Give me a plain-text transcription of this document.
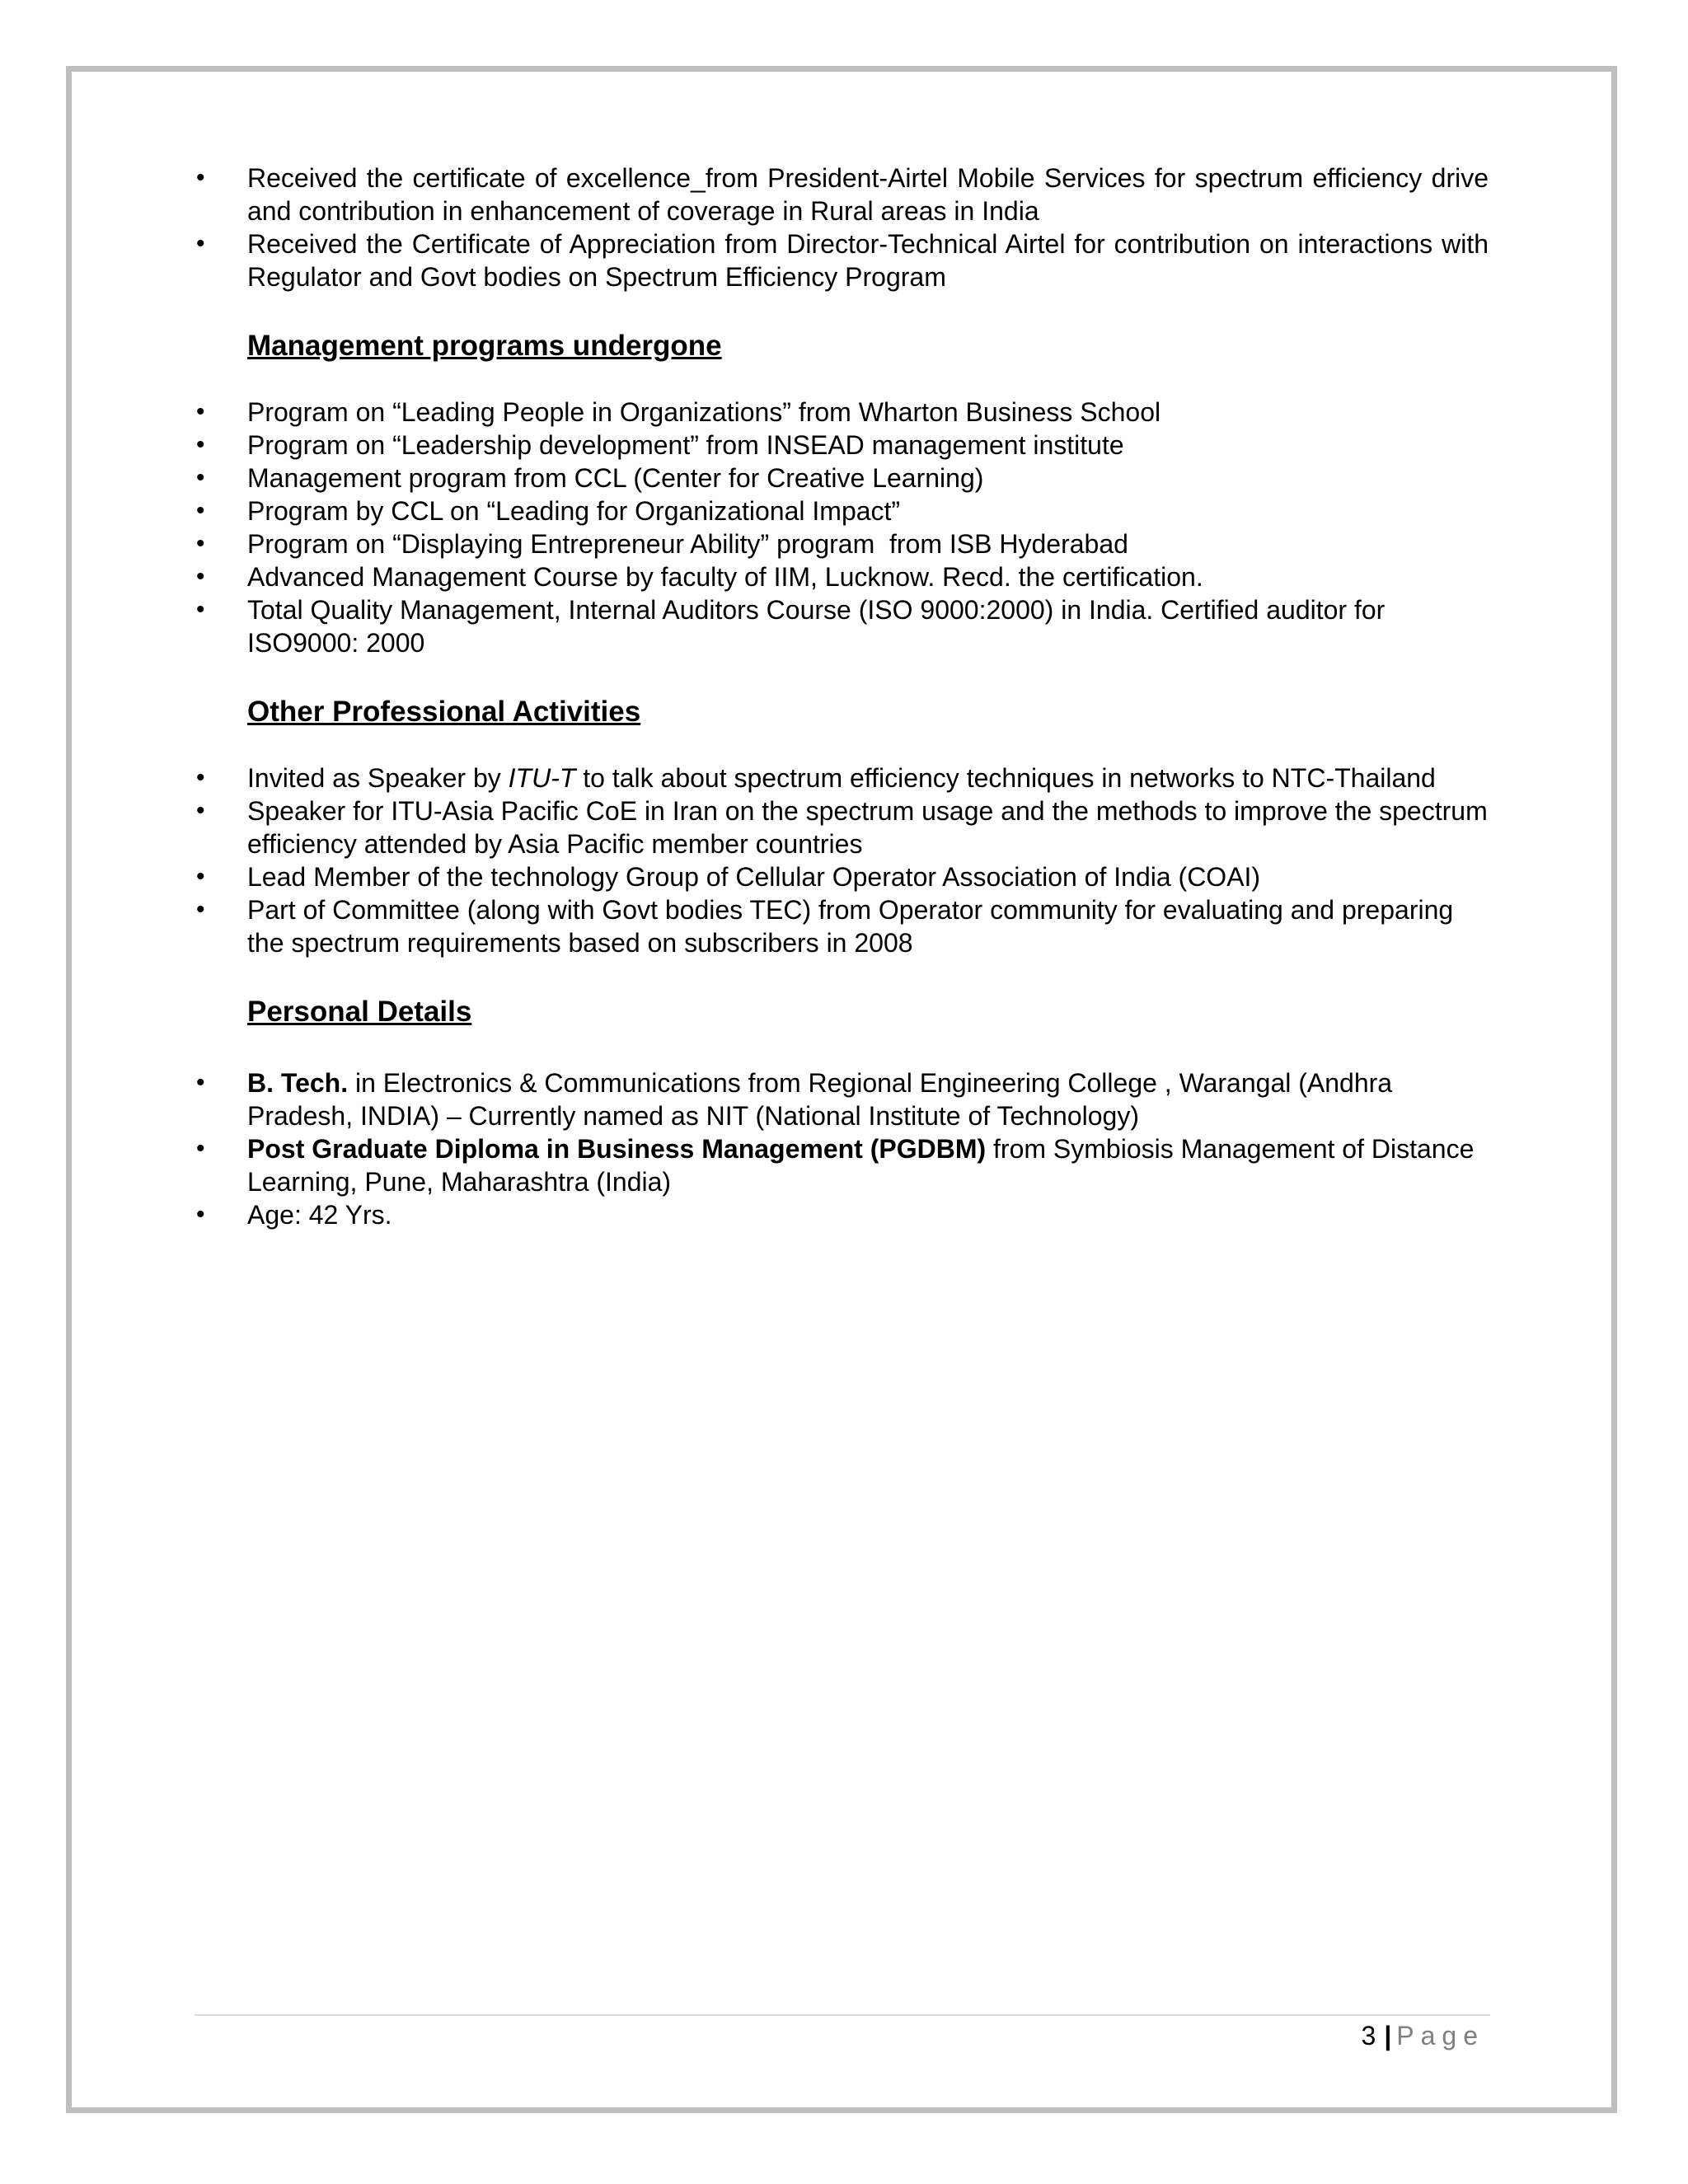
• Received the certificate of excellence_from President-Airtel Mobile Services for spectrum efficiency drive and contribution in enhancement of coverage in Rural areas in India
• Received the Certificate of Appreciation from Director-Technical Airtel for contribution on interactions with Regulator and Govt bodies on Spectrum Efficiency Program
Management programs undergone
• Program on “Leading People in Organizations” from Wharton Business School
• Program on “Leadership development” from INSEAD management institute
• Management program from CCL (Center for Creative Learning)
• Program by CCL on “Leading for Organizational Impact”
• Program on “Displaying Entrepreneur Ability” program  from ISB Hyderabad
• Advanced Management Course by faculty of IIM, Lucknow. Recd. the certification.
• Total Quality Management, Internal Auditors Course (ISO 9000:2000) in India. Certified auditor for ISO9000: 2000
Other Professional Activities
• Invited as Speaker by ITU-T to talk about spectrum efficiency techniques in networks to NTC-Thailand
• Speaker for ITU-Asia Pacific CoE in Iran on the spectrum usage and the methods to improve the spectrum efficiency attended by Asia Pacific member countries
• Lead Member of the technology Group of Cellular Operator Association of India (COAI)
• Part of Committee (along with Govt bodies TEC) from Operator community for evaluating and preparing the spectrum requirements based on subscribers in 2008
Personal Details
• B. Tech. in Electronics & Communications from Regional Engineering College , Warangal (Andhra Pradesh, INDIA) – Currently named as NIT (National Institute of Technology)
• Post Graduate Diploma in Business Management (PGDBM) from Symbiosis Management of Distance Learning, Pune, Maharashtra (India)
• Age: 42 Yrs.
3 | Page
